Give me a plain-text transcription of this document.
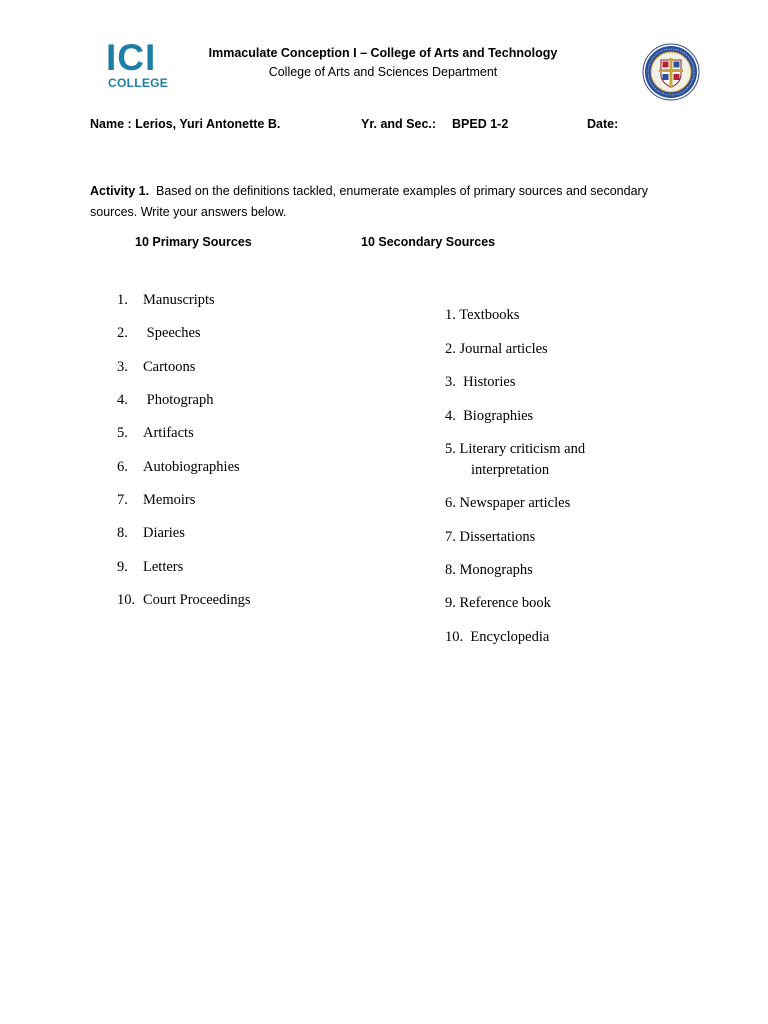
ICI
COLLEGE
Immaculate Conception I – College of Arts and Technology
College of Arts and Sciences Department
Name : Lerios, Yuri Antonette B.	Yr. and Sec.: BPED 1-2	Date:
Activity 1. Based on the definitions tackled, enumerate examples of primary sources and secondary sources. Write your answers below.
10 Primary Sources	10 Secondary Sources
1. Manuscripts
2. Speeches
3. Cartoons
4. Photograph
5. Artifacts
6. Autobiographies
7. Memoirs
8. Diaries
9. Letters
10. Court Proceedings
1. Textbooks
2. Journal articles
3.  Histories
4.  Biographies
5. Literary criticism and
interpretation
6. Newspaper articles
7. Dissertations
8. Monographs
9. Reference book
10.  Encyclopedia
